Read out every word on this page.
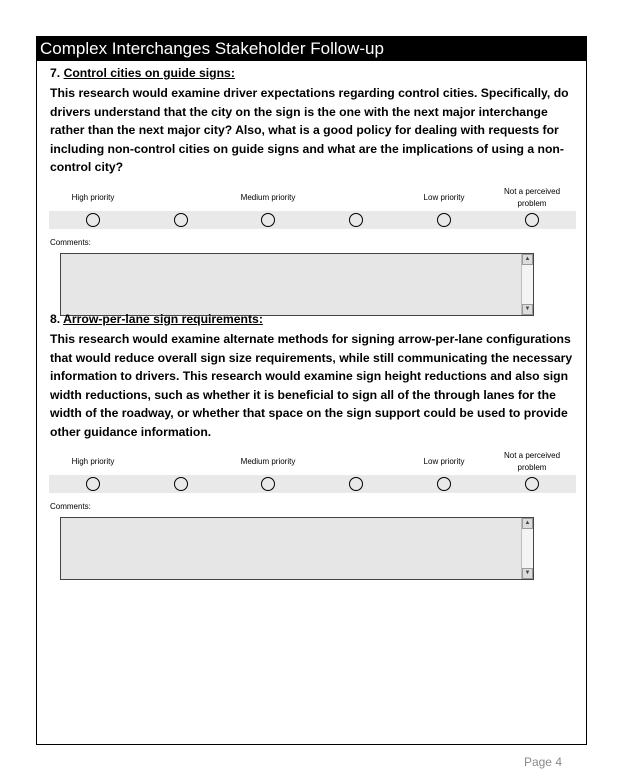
Complex Interchanges Stakeholder Follow-up
7. Control cities on guide signs:
This research would examine driver expectations regarding control cities. Specifically, do drivers understand that the city on the sign is the one with the next major interchange rather than the next major city? Also, what is a good policy for dealing with requests for including non-control cities on guide signs and what are the implications of using a non-control city?
High priority	Medium priority	Low priority
Not a perceived problem
Comments:
▲
▼
8. Arrow-per-lane sign requirements:
This research would examine alternate methods for signing arrow-per-lane configurations that would reduce overall sign size requirements, while still communicating the necessary information to drivers. This research would examine sign height reductions and also sign width reductions, such as whether it is beneficial to sign all of the through lanes for the width of the roadway, or whether that space on the sign support could be used to provide other guidance information.
High priority	Medium priority	Low priority
Not a perceived problem
Comments:
▲
▼
Page 4
